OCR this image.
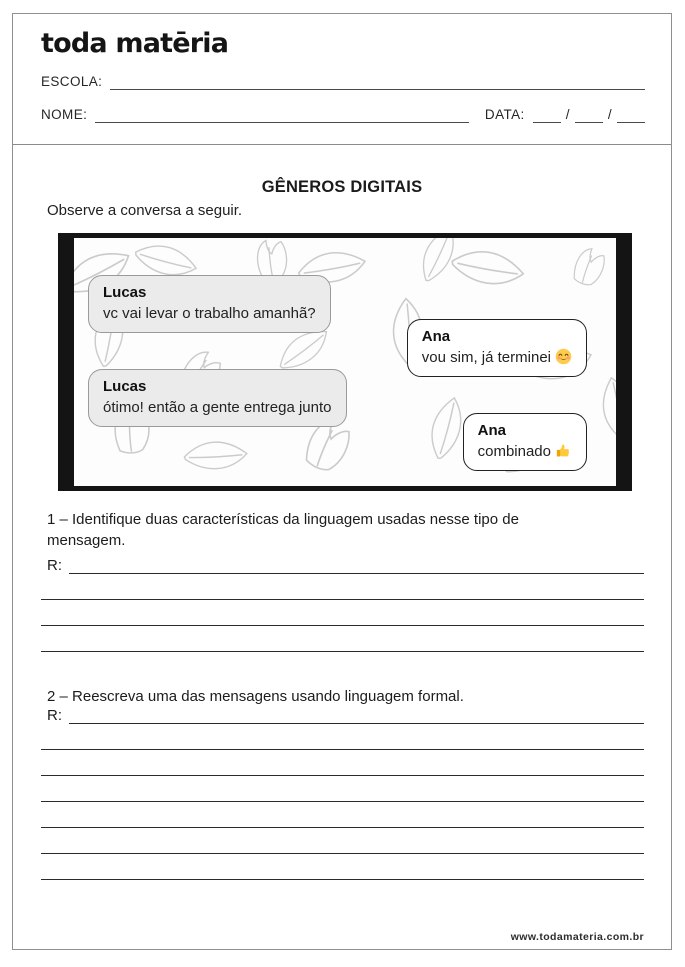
toda matēria
ESCOLA:
NOME:	DATA:	/	/
GÊNEROS DIGITAIS
Observe a conversa a seguir.
Lucas
vc vai levar o trabalho amanhã?
Ana
vou sim, já terminei
Lucas
ótimo! então a gente entrega junto
Ana
combinado
1 – Identifique duas características da linguagem usadas nesse tipo de mensagem.
R:
2 – Reescreva uma das mensagens usando linguagem formal.
R:
www.todamateria.com.br
